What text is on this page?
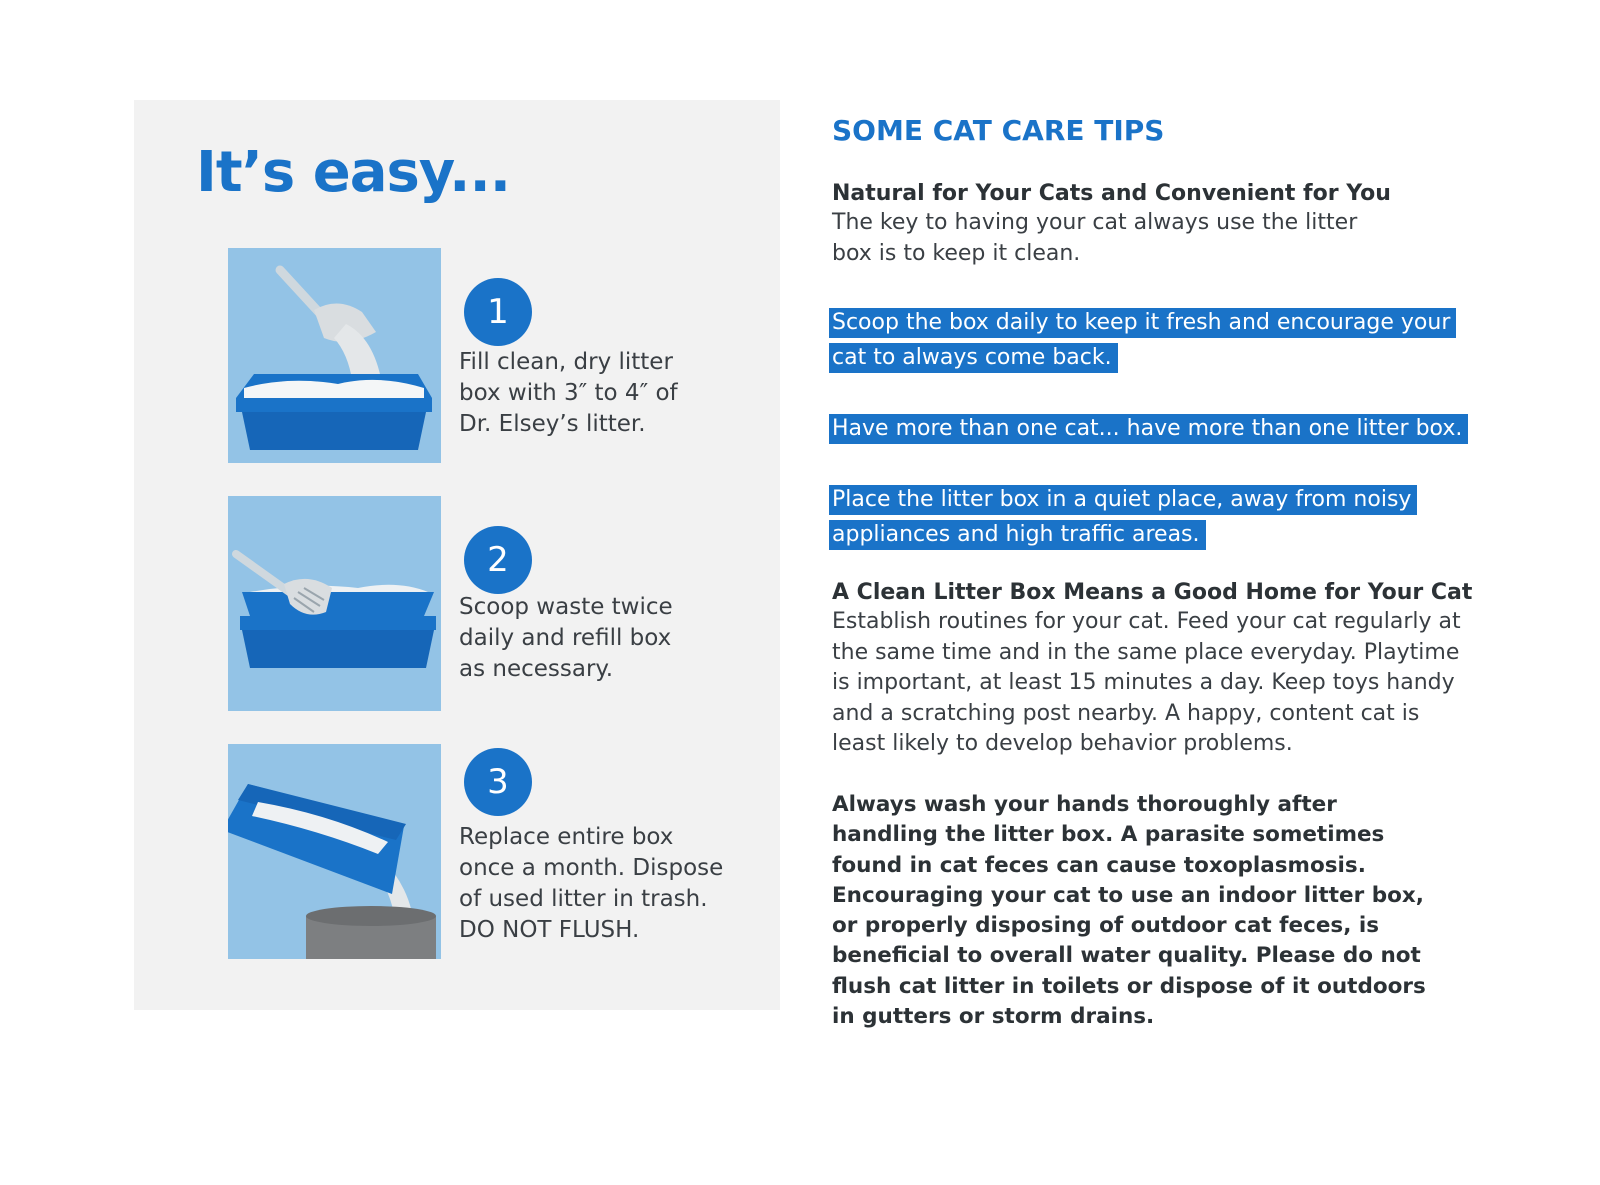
It’s easy...
1
Fill clean, dry litter
box with 3″ to 4″ of
Dr. Elsey’s litter.
2
Scoop waste twice
daily and refill box
as necessary.
3
Replace entire box
once a month. Dispose
of used litter in trash.
DO NOT FLUSH.
SOME CAT CARE TIPS
Natural for Your Cats and Convenient for You
The key to having your cat always use the litter box is to keep it clean.
Scoop the box daily to keep it fresh and encourage your
cat to always come back.
Have more than one cat... have more than one litter box.
Place the litter box in a quiet place, away from noisy
appliances and high traffic areas.
A Clean Litter Box Means a Good Home for Your Cat
Establish routines for your cat. Feed your cat regularly at the same time and in the same place everyday. Playtime is important, at least 15 minutes a day. Keep toys handy and a scratching post nearby. A happy, content cat is least likely to develop behavior problems.
Always wash your hands thoroughly after handling the litter box. A parasite sometimes found in cat feces can cause toxoplasmosis. Encouraging your cat to use an indoor litter box, or properly disposing of outdoor cat feces, is beneficial to overall water quality. Please do not flush cat litter in toilets or dispose of it outdoors in gutters or storm drains.
